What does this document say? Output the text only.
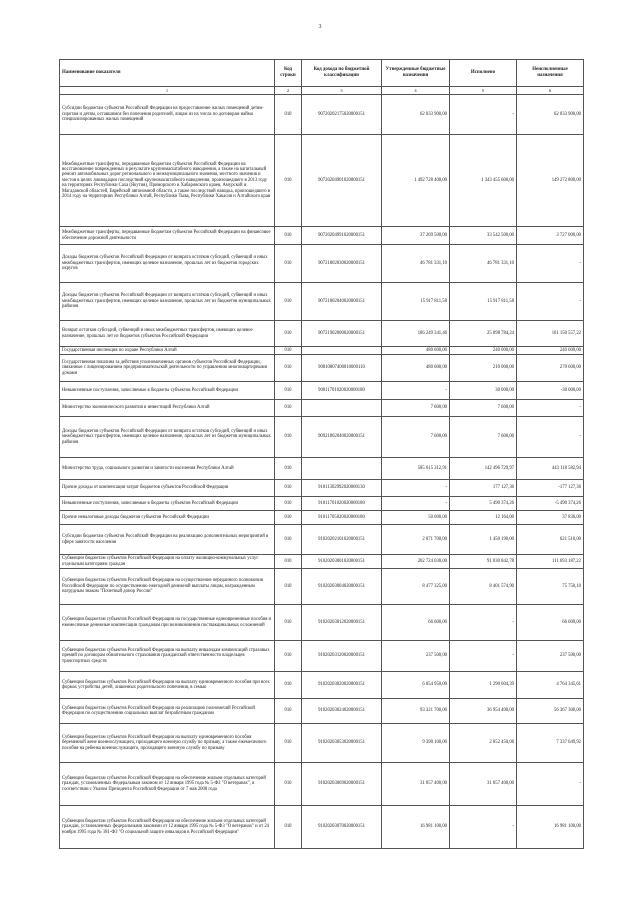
3
Наименование показателя	Код строки	Код дохода по бюджетной классификации	Утвержденные бюджетные назначения	Исполнено	Неисполненные назначения
1	2	3	4	5	6
Субсидии бюджетам субъектов Российской Федерации на предоставление жилых помещений детям-сиротам и детям, оставшимся без попечения родителей, лицам из их числа по договорам найма специализированных жилых помещений	010	90720202175020000151	62 033 900,00	-	62 033 900,00
Межбюджетные трансферты, передаваемые бюджетам субъектов Российской Федерации на восстановление поврежденных в результате крупномасштабного наводнения, а также на капитальный ремонт автомобильных дорог регионального и межмуниципального значения, местного значения и мостов в целях ликвидации последствий крупномасштабного наводнения, произошедшего в 2013 году на территориях Республики Саха (Якутия), Приморского и Хабаровского краев, Амурской и Магаданской областей, Еврейской автономной области, а также последствий паводка, произошедшего в 2014 году на территориях Республики Алтай, Республики Тыва, Республики Хакасия и Алтайского края	010	90720204901020000151	1 492 728 400,00	1 343 455 600,00	149 272 800,00
Межбюджетные трансферты, передаваемые бюджетам субъектов Российской Федерации на финансовое обеспечение дорожной деятельности	010	90720204991020000151	37 269 500,00	33 542 500,00	3 727 000,00
Доходы бюджетов субъектов Российской Федерации от возврата остатков субсидий, субвенций и иных межбюджетных трансфертов, имеющих целевое назначение, прошлых лет из бюджетов городских округов	010	90721802030020000151	46 781 331,10	46 781 331,10	-
Доходы бюджетов субъектов Российской Федерации от возврата остатков субсидий, субвенций и иных межбюджетных трансфертов, имеющих целевое назначение, прошлых лет из бюджетов муниципальных районов	010	90721802040020000151	15 917 811,58	15 917 811,58	-
Возврат остатков субсидий, субвенций и иных межбюджетных трансфертов, имеющих целевое назначение, прошлых лет из бюджетов субъектов Российской Федерации	010	90721902000020000151	186 249 341,46	25 098 784,24	161 150 557,22
Государственная инспекция по охране Республики Алтай	010		480 600,00	240 000,00	240 600,00
Государственная пошлина за действия уполномоченных органов субъектов Российской Федерации, связанные с лицензированием предпринимательской деятельности по управлению многоквартирными домами	010	90810807400010000110	480 600,00	210 000,00	270 600,00
Невыясненные поступления, зачисляемые в бюджеты субъектов Российской Федерации	010	90811701020020000180	-	30 000,00	-30 000,00
Министерство экономического развития и инвестиций Республики Алтай	010		7 600,00	7 600,00	-
Доходы бюджетов субъектов Российской Федерации от возврата остатков субсидий, субвенций и иных межбюджетных трансфертов, имеющих целевое назначение, прошлых лет из бюджетов муниципальных районов	010	90921802040020000151	7 600,00	7 600,00	-
Министерство труда, социального развития и занятости населения Республики Алтай	010		585 615 312,91	142 496 729,97	443 118 582,94
Прочие доходы от компенсации затрат бюджетов субъектов Российской Федерации	010	91011302992020000130	-	177 127,36	-177 127,36
Невыясненные поступления, зачисляемые в бюджеты субъектов Российской Федерации	010	91011701020020000180	-	5 490 374,26	-5 490 374,26
Прочие неналоговые доходы бюджетов субъектов Российской Федерации	010	91011705020020000180	50 000,00	12 164,00	37 836,00
Субсидии бюджетам субъектов Российской Федерации на реализацию дополнительных мероприятий в сфере занятости населения	010	91020202101020000151	2 071 700,00	1 450 190,00	621 510,00
Субвенции бюджетам субъектов Российской Федерации на оплату жилищно-коммунальных услуг отдельным категориям граждан	010	91020203001020000151	202 724 030,00	91 030 842,78	111 693 187,22
Субвенции бюджетам субъектов Российской Федерации на осуществление переданного полномочия Российской Федерации по осуществлению ежегодной денежной выплаты лицам, награжденным нагрудным знаком "Почетный донор России"	010	91020203004020000151	8 477 325,00	8 401 574,90	75 750,10
Субвенции бюджетам субъектов Российской Федерации на государственные единовременные пособия и ежемесячные денежные компенсации гражданам при возникновении поствакцинальных осложнений	010	91020203012020000151	66 600,00	-	66 600,00
Субвенции бюджетам субъектов Российской Федерации на выплату инвалидам компенсаций страховых премий по договорам обязательного страхования гражданской ответственности владельцев транспортных средств	010	91020203120020000151	237 500,00	-	237 500,00
Субвенции бюджетам субъектов Российской Федерации на выплату единовременного пособия при всех формах устройства детей, лишенных родительского попечения, в семью	010	91020203020020000151	6 054 950,00	1 290 604,39	4 764 345,61
Субвенции бюджетам субъектов Российской Федерации на реализацию полномочий Российской Федерации по осуществлению социальных выплат безработным гражданам	010	91020203024020000151	93 321 700,00	36 954 400,00	56 367 300,00
Субвенции бюджетам субъектов Российской Федерации на выплату единовременного пособия беременной жене военнослужащего, проходящего военную службу по призыву, а также ежемесячного пособия на ребенка военнослужащего, проходящего военную службу по призыву	010	91020203053020000151	9 390 100,00	2 052 450,08	7 337 649,92
Субвенции бюджетам субъектов Российской Федерации на обеспечение жильем отдельных категорий граждан, установленных Федеральным законом от 12 января 1995 года № 5-ФЗ "О ветеранах", в соответствии с Указом Президента Российской Федерации от 7 мая 2008 года	010	91020203069020000151	31 057 400,00	31 057 400,00	-
Субвенции бюджетам субъектов Российской Федерации на обеспечение жильем отдельных категорий граждан, установленных федеральными законами от 12 января 1995 года № 5-ФЗ "О ветеранах" и от 24 ноября 1995 года № 181-ФЗ "О социальной защите инвалидов в Российской Федерации"	010	91020203070020000151	16 981 100,00	-	16 981 100,00
